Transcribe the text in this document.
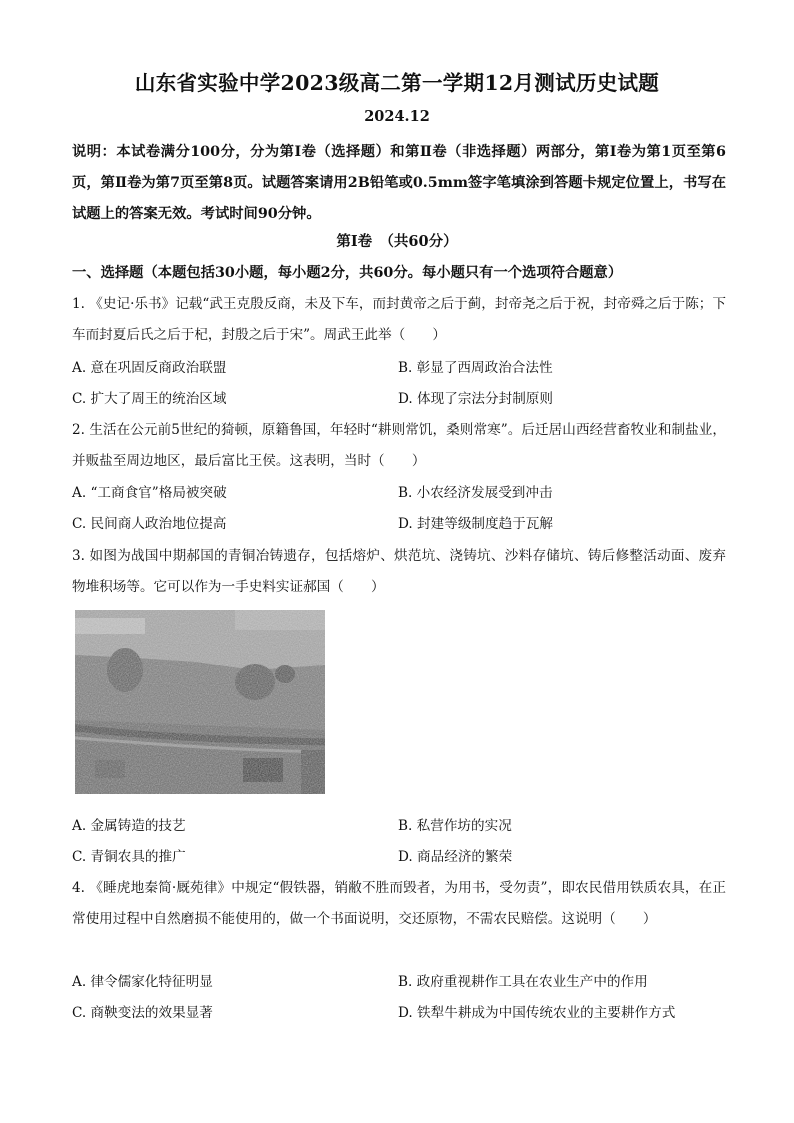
山东省实验中学2023级高二第一学期12月测试历史试题
2024.12
说明：本试卷满分100分，分为第Ⅰ卷（选择题）和第Ⅱ卷（非选择题）两部分，第Ⅰ卷为第1页至第6页，第Ⅱ卷为第7页至第8页。试题答案请用2B铅笔或0.5mm签字笔填涂到答题卡规定位置上，书写在试题上的答案无效。考试时间90分钟。
第Ⅰ卷　（共60分）
一、选择题（本题包括30小题，每小题2分，共60分。每小题只有一个选项符合题意）
1. 《史记·乐书》记载“武王克殷反商，未及下车，而封黄帝之后于蓟，封帝尧之后于祝，封帝舜之后于陈；下车而封夏后氏之后于杞，封殷之后于宋”。周武王此举（　　）
A. 意在巩固反商政治联盟	B. 彰显了西周政治合法性
C. 扩大了周王的统治区域	D. 体现了宗法分封制原则
2. 生活在公元前5世纪的猗顿，原籍鲁国，年轻时“耕则常饥，桑则常寒”。后迁居山西经营畜牧业和制盐业，并贩盐至周边地区，最后富比王侯。这表明，当时（　　）
A. “工商食官”格局被突破	B. 小农经济发展受到冲击
C. 民间商人政治地位提高	D. 封建等级制度趋于瓦解
3. 如图为战国中期郝国的青铜冶铸遗存，包括熔炉、烘范坑、浇铸坑、沙料存储坑、铸后修整活动面、废弃物堆积场等。它可以作为一手史料实证郝国（　　）
A. 金属铸造的技艺	B. 私营作坊的实况
C. 青铜农具的推广	D. 商品经济的繁荣
4. 《睡虎地秦简·厩苑律》中规定“假铁器，销敝不胜而毁者，为用书，受勿责”，即农民借用铁质农具，在正常使用过程中自然磨损不能使用的，做一个书面说明，交还原物，不需农民赔偿。这说明（　　）
A. 律令儒家化特征明显	B. 政府重视耕作工具在农业生产中的作用
C. 商鞅变法的效果显著	D. 铁犁牛耕成为中国传统农业的主要耕作方式
